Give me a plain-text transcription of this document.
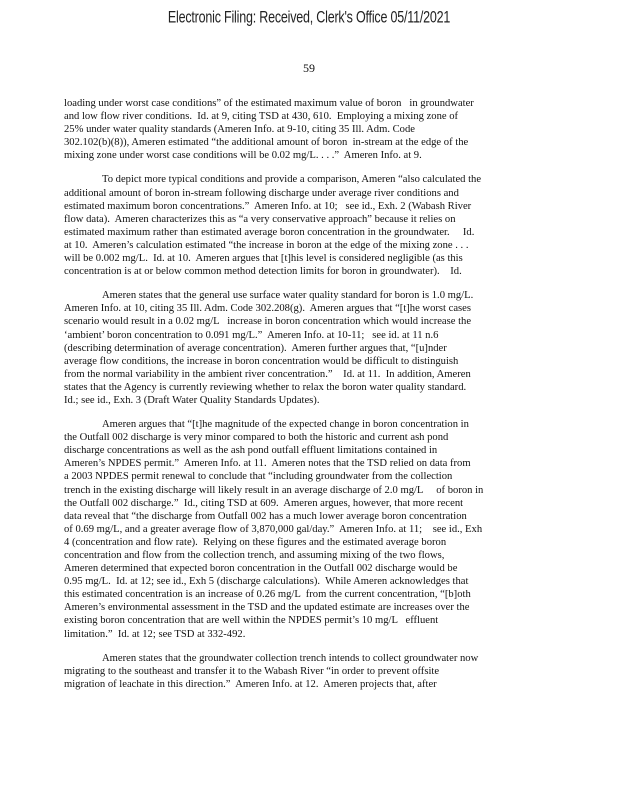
Electronic Filing: Received, Clerk's Office 05/11/2021
59

loading under worst case conditions” of the estimated maximum value of boron   in groundwater
and low flow river conditions.  Id. at 9, citing TSD at 430, 610.  Employing a mixing zone of
25% under water quality standards (Ameren Info. at 9-10, citing 35 Ill. Adm. Code
302.102(b)(8)), Ameren estimated “the additional amount of boron  in-stream at the edge of the
mixing zone under worst case conditions will be 0.02 mg/L. . . .”  Ameren Info. at 9.

To depict more typical conditions and provide a comparison, Ameren “also calculated the
additional amount of boron in-stream following discharge under average river conditions and
estimated maximum boron concentrations.”  Ameren Info. at 10;   see id., Exh. 2 (Wabash River
flow data).  Ameren characterizes this as “a very conservative approach” because it relies on
estimated maximum rather than estimated average boron concentration in the groundwater.     Id.
at 10.  Ameren’s calculation estimated “the increase in boron at the edge of the mixing zone . . .
will be 0.002 mg/L.  Id. at 10.  Ameren argues that [t]his level is considered negligible (as this
concentration is at or below common method detection limits for boron in groundwater).    Id.

Ameren states that the general use surface water quality standard for boron is 1.0 mg/L.
Ameren Info. at 10, citing 35 Ill. Adm. Code 302.208(g).  Ameren argues that “[t]he worst cases
scenario would result in a 0.02 mg/L   increase in boron concentration which would increase the
‘ambient’ boron concentration to 0.091 mg/L.”  Ameren Info. at 10-11;   see id. at 11 n.6
(describing determination of average concentration).  Ameren further argues that, “[u]nder
average flow conditions, the increase in boron concentration would be difficult to distinguish
from the normal variability in the ambient river concentration.”    Id. at 11.  In addition, Ameren
states that the Agency is currently reviewing whether to relax the boron water quality standard.
Id.; see id., Exh. 3 (Draft Water Quality Standards Updates).

Ameren argues that “[t]he magnitude of the expected change in boron concentration in
the Outfall 002 discharge is very minor compared to both the historic and current ash pond
discharge concentrations as well as the ash pond outfall effluent limitations contained in
Ameren’s NPDES permit.”  Ameren Info. at 11.  Ameren notes that the TSD relied on data from
a 2003 NPDES permit renewal to conclude that “including groundwater from the collection
trench in the existing discharge will likely result in an average discharge of 2.0 mg/L     of boron in
the Outfall 002 discharge.”  Id., citing TSD at 609.  Ameren argues, however, that more recent
data reveal that “the discharge from Outfall 002 has a much lower average boron concentration
of 0.69 mg/L, and a greater average flow of 3,870,000 gal/day.”  Ameren Info. at 11;    see id., Exh
4 (concentration and flow rate).  Relying on these figures and the estimated average boron
concentration and flow from the collection trench, and assuming mixing of the two flows,
Ameren determined that expected boron concentration in the Outfall 002 discharge would be
0.95 mg/L.  Id. at 12; see id., Exh 5 (discharge calculations).  While Ameren acknowledges that
this estimated concentration is an increase of 0.26 mg/L  from the current concentration, “[b]oth
Ameren’s environmental assessment in the TSD and the updated estimate are increases over the
existing boron concentration that are well within the NPDES permit’s 10 mg/L   effluent
limitation.”  Id. at 12; see TSD at 332-492.

Ameren states that the groundwater collection trench intends to collect groundwater now
migrating to the southeast and transfer it to the Wabash River “in order to prevent offsite
migration of leachate in this direction.”  Ameren Info. at 12.  Ameren projects that, after
